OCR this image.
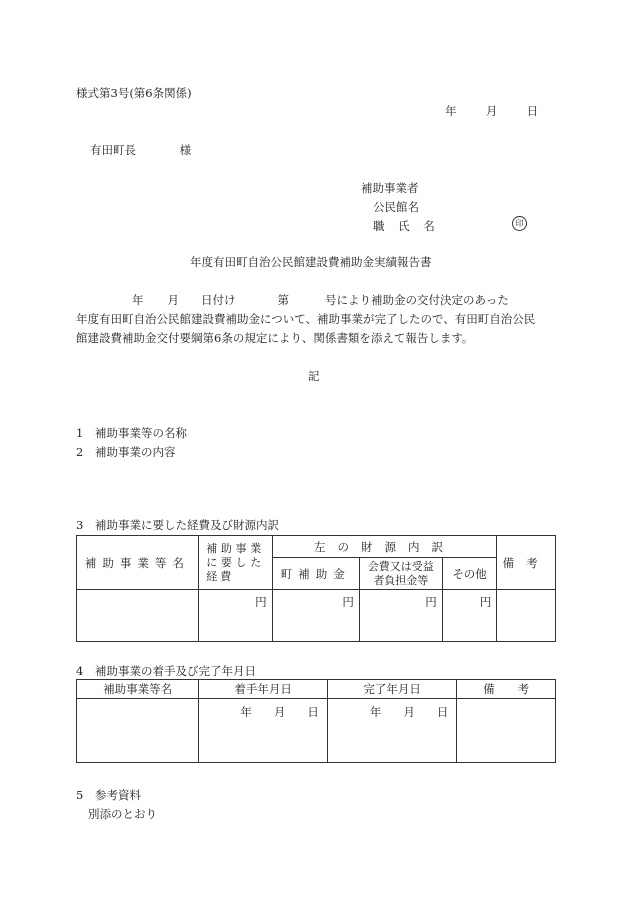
様式第3号(第6条関係)
年	月	日
有田町長	様
補助事業者
公民館名
職 氏 名	印
年度有田町自治公民館建設費補助金実績報告書
年 月 日付け	第	号により補助金の交付決定のあった
年度有田町自治公民館建設費補助金について、補助事業が完了したので、有田町自治公民
館建設費補助金交付要綱第6条の規定により、関係書類を添えて報告します。
記
1 補助事業等の名称
2 補助事業の内容
3 補助事業に要した経費及び財源内訳
補助事業等名	補助事業に要した経費	左の財源内訳			備考
		町補助金	会費又は受益者負担金等	その他	
	円	円	円	円	
4 補助事業の着手及び完了年月日
補助事業等名	着手年月日	完了年月日	備　　考
	年 月 日	年 月 日	
5 参考資料
別添のとおり
